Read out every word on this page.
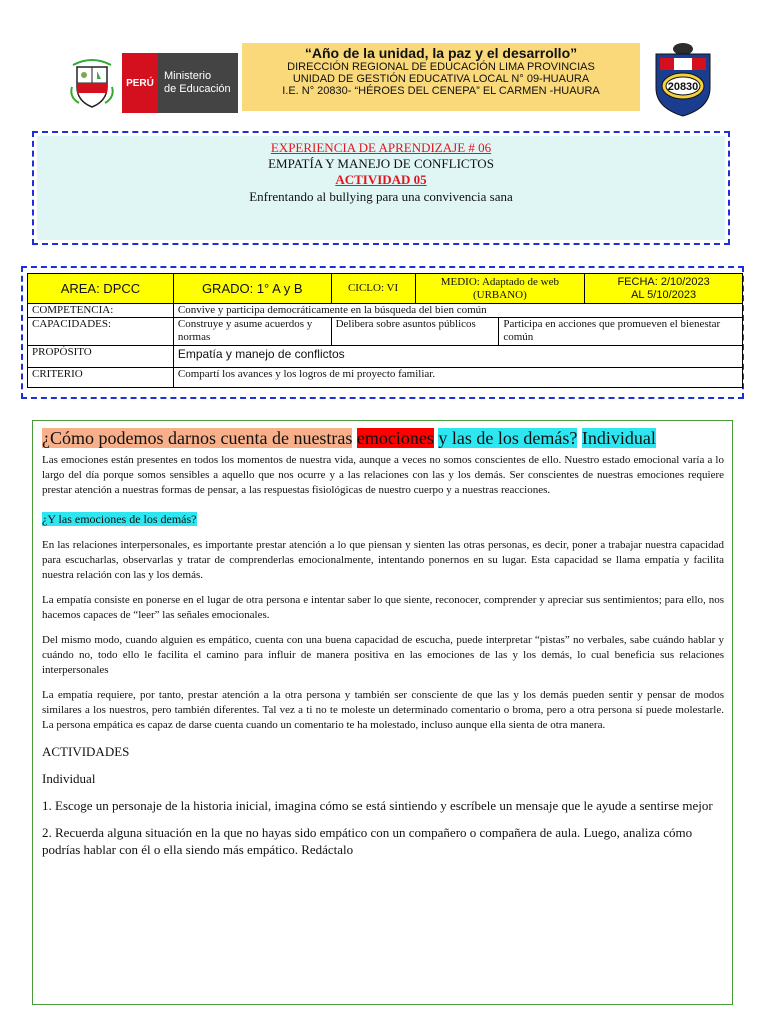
PERÚ
Ministerio
de Educación
“Año de la unidad, la paz y el desarrollo”
DIRECCIÓN REGIONAL DE EDUCACIÓN LIMA PROVINCIAS
UNIDAD DE GESTIÓN EDUCATIVA LOCAL N° 09-HUAURA
I.E. N° 20830- “HÉROES DEL CENEPA” EL CARMEN -HUAURA	20830
EXPERIENCIA DE APRENDIZAJE # 06
EMPATÍA Y MANEJO DE CONFLICTOS
ACTIVIDAD 05
Enfrentando al bullying para una convivencia sana
AREA: DPCC	GRADO: 1° A y B	CICLO: VI	MEDIO: Adaptado de web (URBANO)		FECHA: 2/10/2023
AL 5/10/2023

COMPETENCIA:	Convive y participa democráticamente en la búsqueda del bien común				
CAPACIDADES:	Construye y asume acuerdos y normas	Delibera sobre asuntos públicos		Participa en acciones que promueven el bienestar común	
PROPÓSITO	Empatía y manejo de conflictos				
CRITERIO	Compartí los avances y los logros de mi proyecto familiar.				
¿Cómo podemos darnos cuenta de nuestras emociones y las de los demás? Individual

Las emociones están presentes en todos los momentos de nuestra vida, aunque a veces no somos conscientes de ello. Nuestro estado emocional varía a lo largo del día porque somos sensibles a aquello que nos ocurre y a las relaciones con las y los demás. Ser conscientes de nuestras emociones requiere prestar atención a nuestras formas de pensar, a las respuestas fisiológicas de nuestro cuerpo y a nuestras reacciones.

¿Y las emociones de los demás?

En las relaciones interpersonales, es importante prestar atención a lo que piensan y sienten las otras personas, es decir, poner a trabajar nuestra capacidad para escucharlas, observarlas y tratar de comprenderlas emocionalmente, intentando ponernos en su lugar. Esta capacidad se llama empatía y facilita nuestra relación con las y los demás.

La empatía consiste en ponerse en el lugar de otra persona e intentar saber lo que siente, reconocer, comprender y apreciar sus sentimientos; para ello, nos hacemos capaces de “leer” las señales emocionales.

Del mismo modo, cuando alguien es empático, cuenta con una buena capacidad de escucha, puede interpretar “pistas” no verbales, sabe cuándo hablar y cuándo no, todo ello le facilita el camino para influir de manera positiva en las emociones de las y los demás, lo cual beneficia sus relaciones interpersonales

La empatía requiere, por tanto, prestar atención a la otra persona y también ser consciente de que las y los demás pueden sentir y pensar de modos similares a los nuestros, pero también diferentes. Tal vez a ti no te moleste un determinado comentario o broma, pero a otra persona sí puede molestarle. La persona empática es capaz de darse cuenta cuando un comentario te ha molestado, incluso aunque ella sienta de otra manera.

ACTIVIDADES

Individual

1. Escoge un personaje de la historia inicial, imagina cómo se está sintiendo y escríbele un mensaje que le ayude a sentirse mejor

2. Recuerda alguna situación en la que no hayas sido empático con un compañero o compañera de aula. Luego, analiza cómo podrías hablar con él o ella siendo más empático. Redáctalo
